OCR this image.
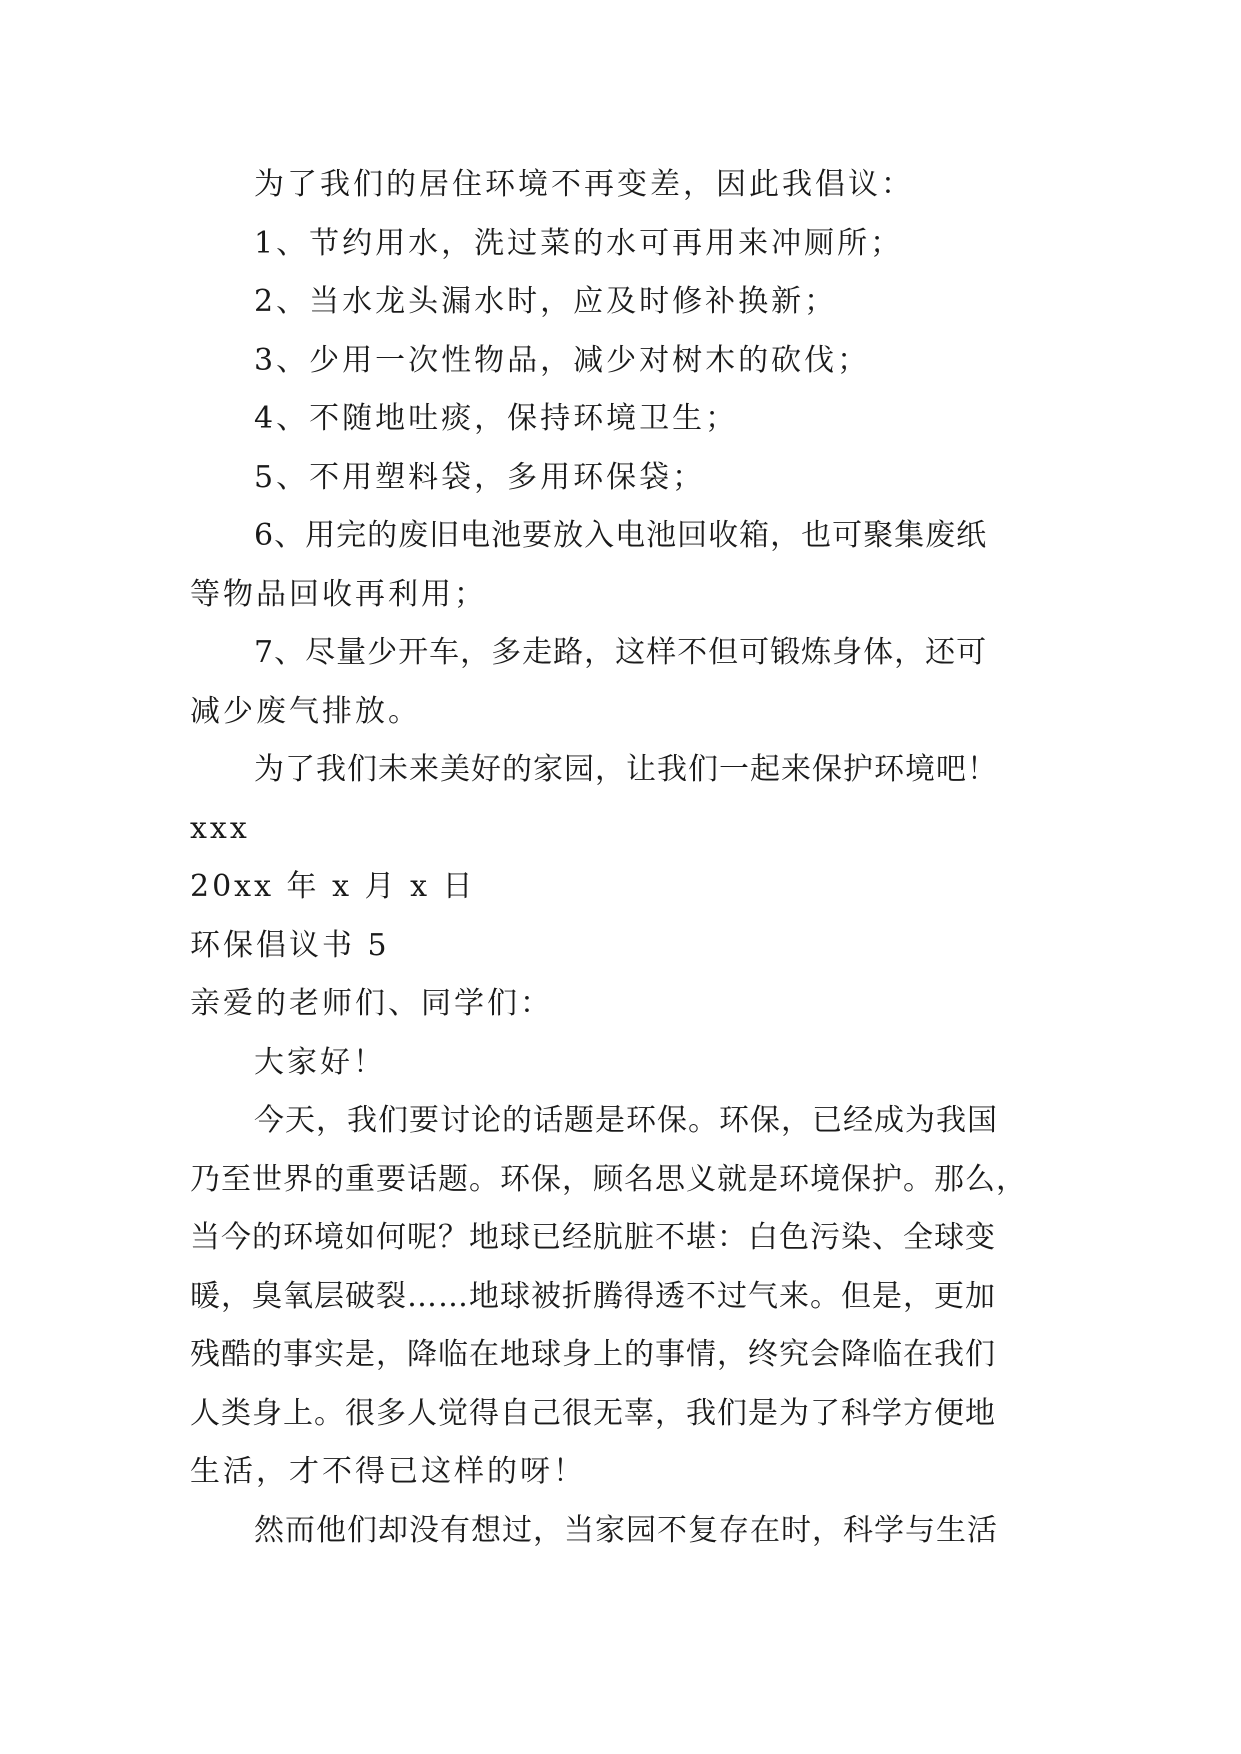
为了我们的居住环境不再变差，因此我倡议：

1、节约用水，洗过菜的水可再用来冲厕所；

2、当水龙头漏水时，应及时修补换新；

3、少用一次性物品，减少对树木的砍伐；

4、不随地吐痰，保持环境卫生；

5、不用塑料袋，多用环保袋；

6、用完的废旧电池要放入电池回收箱，也可聚集废纸

等物品回收再利用；

7、尽量少开车，多走路，这样不但可锻炼身体，还可

减少废气排放。

为了我们未来美好的家园，让我们一起来保护环境吧！

xxx

20xx 年 x 月 x 日

环保倡议书 5

亲爱的老师们、同学们：

大家好！

今天，我们要讨论的话题是环保。环保，已经成为我国

乃至世界的重要话题。环保，顾名思义就是环境保护。那么，

当今的环境如何呢？地球已经肮脏不堪：白色污染、全球变

暖，臭氧层破裂……地球被折腾得透不过气来。但是，更加

残酷的事实是，降临在地球身上的事情，终究会降临在我们

人类身上。很多人觉得自己很无辜，我们是为了科学方便地

生活，才不得已这样的呀！

然而他们却没有想过，当家园不复存在时，科学与生活
